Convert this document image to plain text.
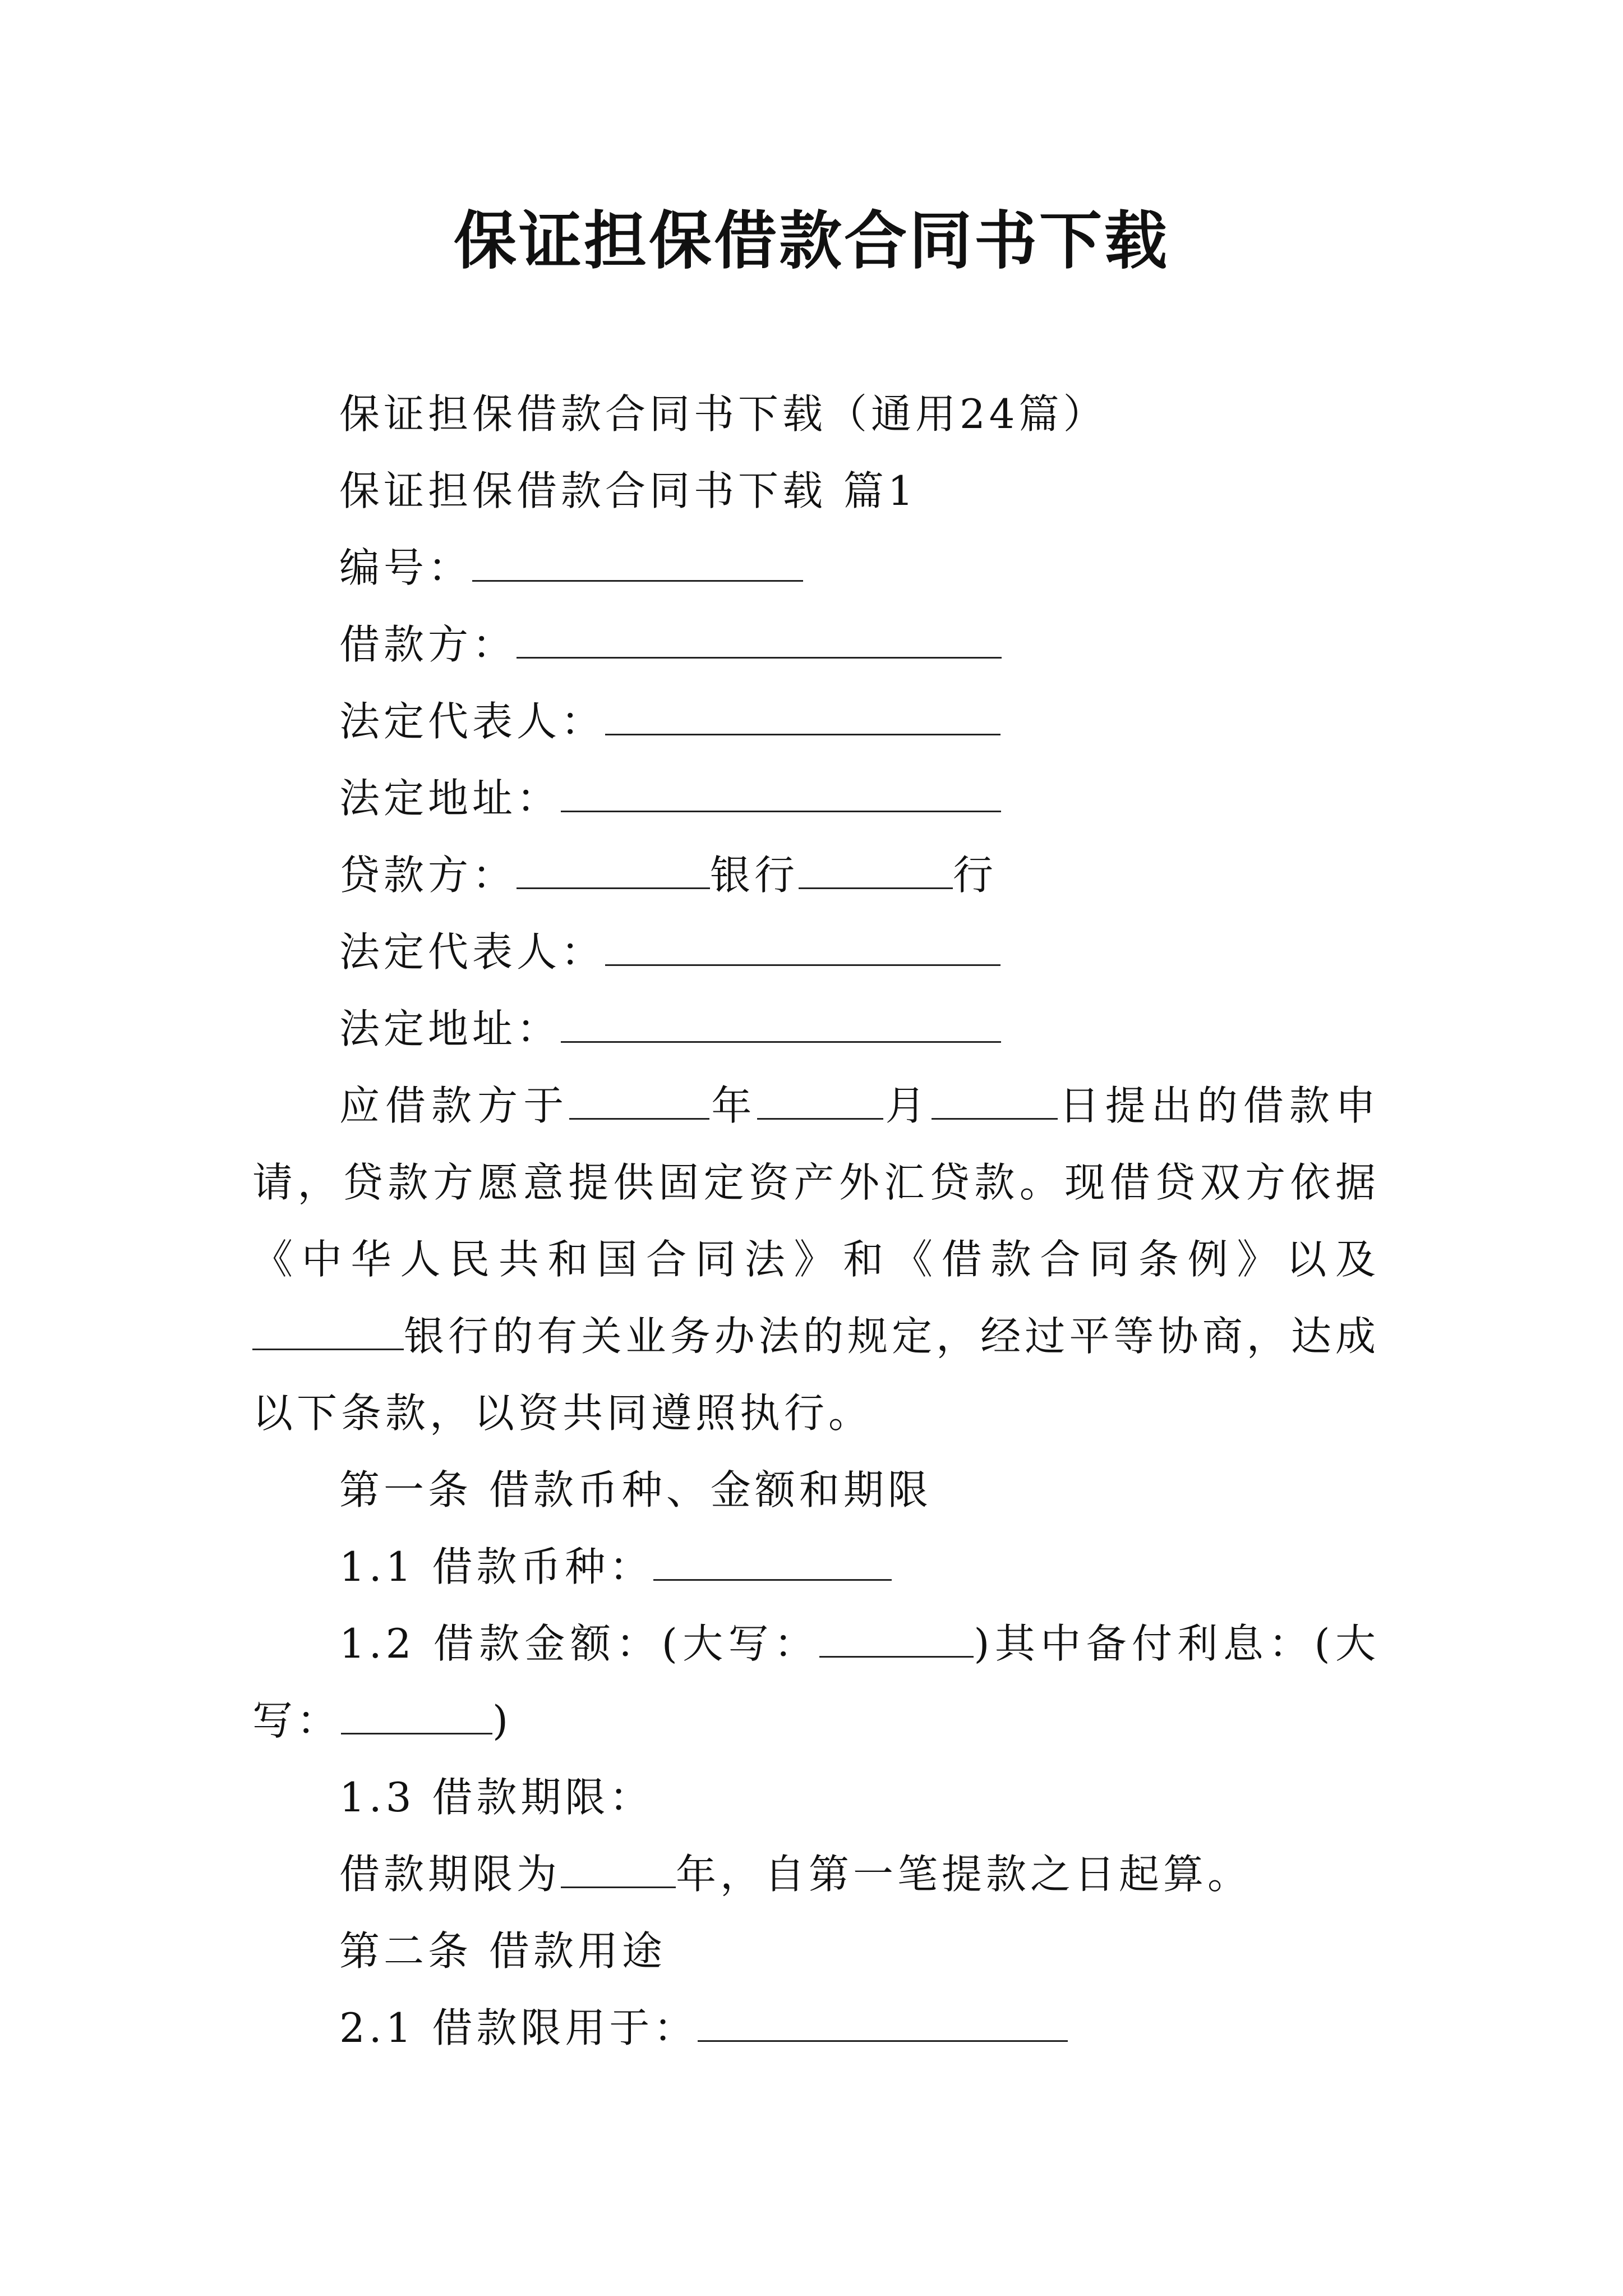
保证担保借款合同书下载

保证担保借款合同书下载（通用24篇）

保证担保借款合同书下载 篇1

编号：

借款方：

法定代表人：

法定地址：

贷款方：	银行	行

法定代表人：

法定地址：

应借款方于	年	月	日提出的借款申请，贷款方愿意提供固定资产外汇贷款。现借贷双方依据《中华人民共和国合同法》和《借款合同条例》以及银行的有关业务办法的规定，经过平等协商，达成以下条款，以资共同遵照执行。

第一条 借款币种、金额和期限

1.1 借款币种：

1.2 借款金额：(大写：	)其中备付利息：(大写：	)

1.3 借款期限：

借款期限为	年，自第一笔提款之日起算。

第二条 借款用途

2.1 借款限用于：
